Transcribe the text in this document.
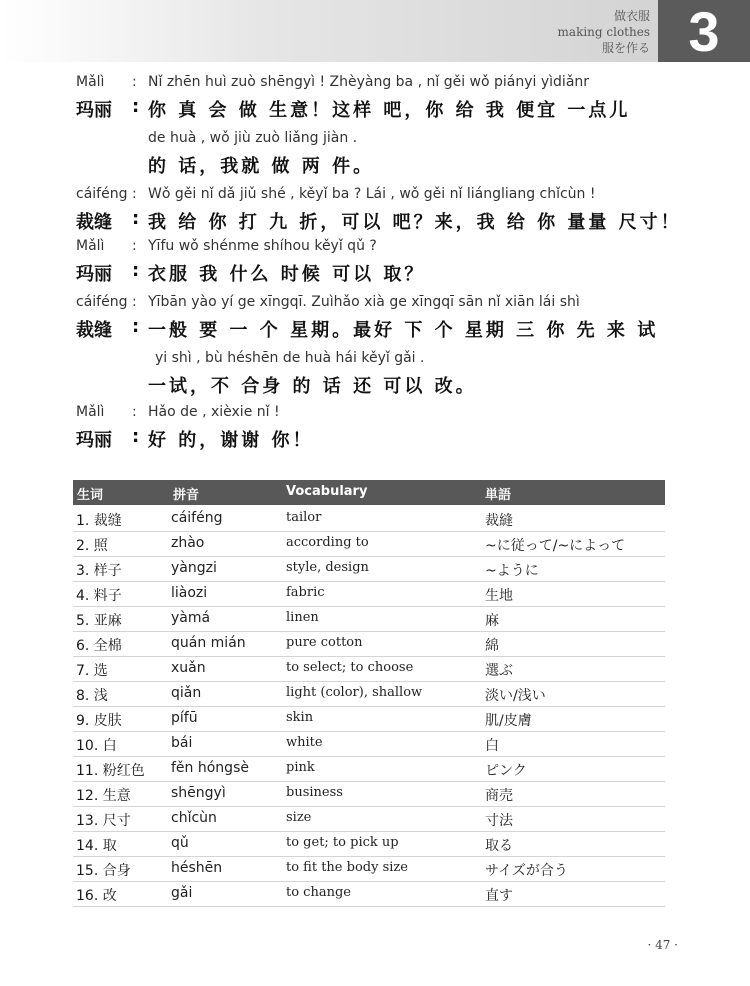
做衣服
making clothes
服を作る 3
Mǎlì : Nǐ zhēn huì zuò shēngyì ! Zhèyàng ba , nǐ gěi wǒ piányi yìdiǎnr
玛丽 : 你 真 会 做 生意！这样 吧，你 给 我 便宜 一点儿
de huà , wǒ jiù zuò liǎng jiàn .
的 话，我就 做 两 件。
cáiféng : Wǒ gěi nǐ dǎ jiǔ shé , kěyǐ ba ? Lái , wǒ gěi nǐ liángliang chǐcùn !
裁缝 : 我 给 你 打 九 折，可以 吧？来，我 给 你 量量 尺寸！
Mǎlì : Yīfu wǒ shénme shíhou kěyǐ qǔ ?
玛丽 : 衣服 我 什么 时候 可以 取？
cáiféng : Yībān yào yí ge xīngqī. Zuìhǎo xià ge xīngqī sān nǐ xiān lái shì
裁缝 : 一般 要 一 个 星期。最好 下 个 星期 三 你 先 来 试
yi shì , bù héshēn de huà hái kěyǐ gǎi .
一试，不 合身 的 话 还 可以 改。
Mǎlì : Hǎo de , xièxie nǐ !
玛丽 : 好 的，谢谢 你！
生词	拼音	Vocabulary	単語
1. 裁缝	cáiféng	tailor	裁縫
2. 照	zhào	according to	~に従って/~によって
3. 样子	yàngzi	style, design	~ように
4. 料子	liàozi	fabric	生地
5. 亚麻	yàmá	linen	麻
6. 全棉	quán mián	pure cotton	綿
7. 选	xuǎn	to select; to choose	選ぶ
8. 浅	qiǎn	light (color), shallow	淡い/浅い
9. 皮肤	pífū	skin	肌/皮膚
10. 白	bái	white	白
11. 粉红色 fěn hóngsè	pink	ピンク
12. 生意	shēngyì	business	商売
13. 尺寸	chǐcùn	size	寸法
14. 取	qǔ	to get; to pick up	取る
15. 合身	héshēn	to fit the body size	サイズが合う
16. 改	gǎi	to change	直す
· 47 ·
